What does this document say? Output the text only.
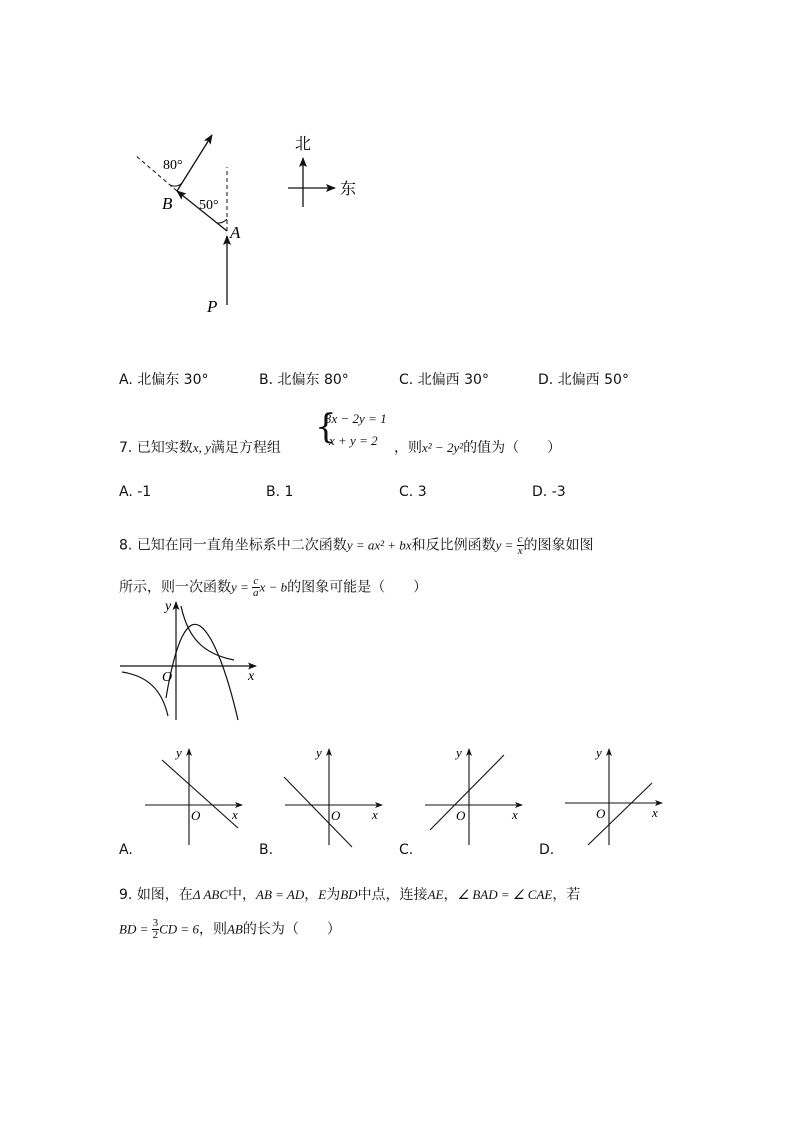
80°
50°
B
A
P
北
东
A. 北偏东 30°	B. 北偏东 80°	C. 北偏西 30°	D. 北偏西 50°
7. 已知实数x, y满足方程组
{
3x − 2y = 1
x + y = 2 ，则x² − 2y²的值为（　　）
A. -1	B. 1	C. 3	D. -3
8. 已知在同一直角坐标系中二次函数y = ax² + bx和反比例函数$y = \frac{c}{x}$ 的图象如图
所示，则一次函数$y = \frac{c}{a}$ x − b的图象可能是（　　）
y
x
O
y
x
O
y
x
O
y
x
O
y
x
O
A.	B.	C.	D.
9. 如图，在Δ ABC中，AB = AD，E为BD中点，连接AE，∠ BAD = ∠ CAE，若
BD = $\frac{3}{2}$ CD = 6，则AB的长为（　　）
